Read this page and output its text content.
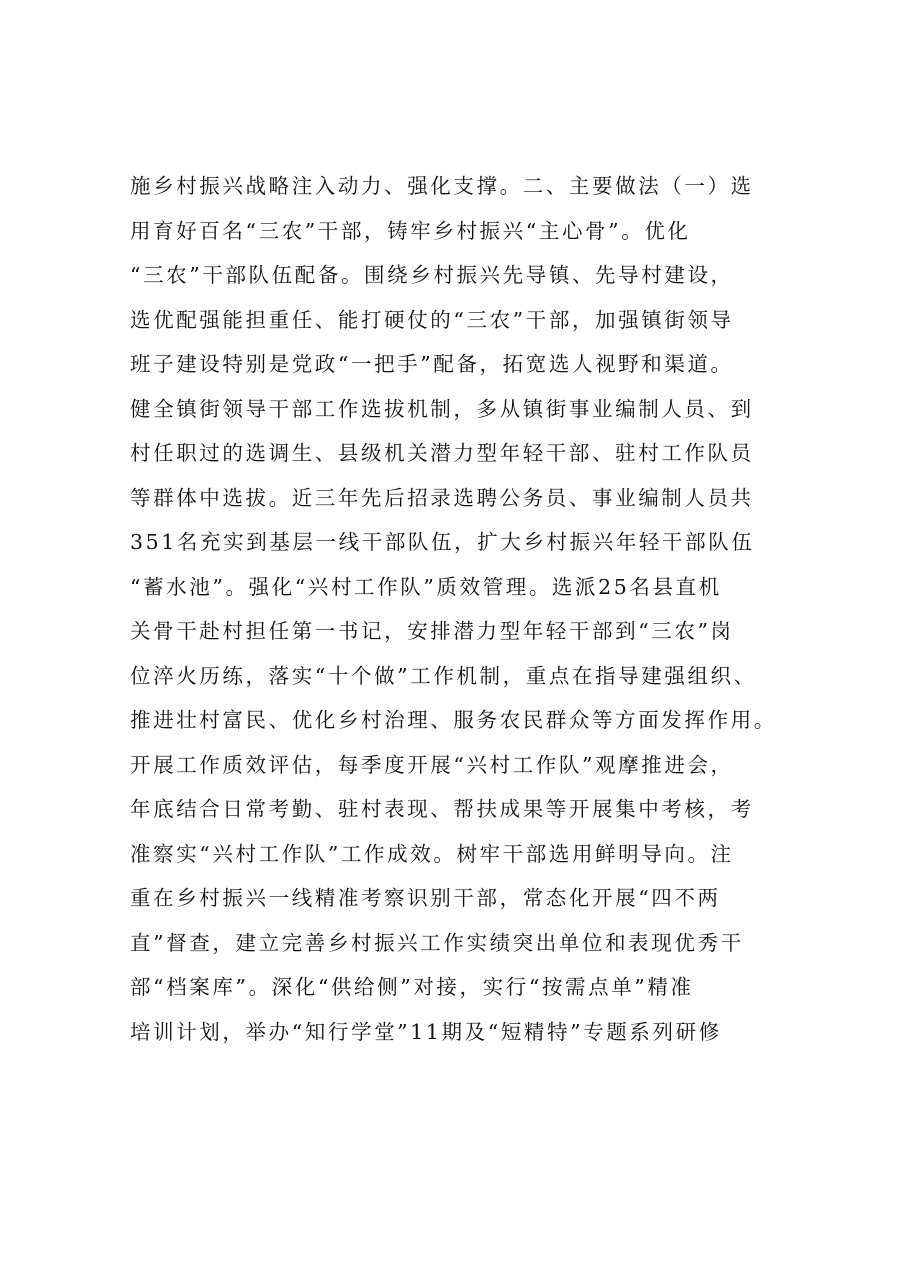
施乡村振兴战略注入动力、强化支撑。二、主要做法（一）选
用育好百名“三农”干部，铸牢乡村振兴“主心骨”。优化
“三农”干部队伍配备。围绕乡村振兴先导镇、先导村建设，
选优配强能担重任、能打硬仗的“三农”干部，加强镇街领导
班子建设特别是党政“一把手”配备，拓宽选人视野和渠道。
健全镇街领导干部工作选拔机制，多从镇街事业编制人员、到
村任职过的选调生、县级机关潜力型年轻干部、驻村工作队员
等群体中选拔。近三年先后招录选聘公务员、事业编制人员共
351名充实到基层一线干部队伍，扩大乡村振兴年轻干部队伍
“蓄水池”。强化“兴村工作队”质效管理。选派25名县直机
关骨干赴村担任第一书记，安排潜力型年轻干部到“三农”岗
位淬火历练，落实“十个做”工作机制，重点在指导建强组织、
推进壮村富民、优化乡村治理、服务农民群众等方面发挥作用。
开展工作质效评估，每季度开展“兴村工作队”观摩推进会，
年底结合日常考勤、驻村表现、帮扶成果等开展集中考核，考
准察实“兴村工作队”工作成效。树牢干部选用鲜明导向。注
重在乡村振兴一线精准考察识别干部，常态化开展“四不两
直”督查，建立完善乡村振兴工作实绩突出单位和表现优秀干
部“档案库”。深化“供给侧”对接，实行“按需点单”精准
培训计划，举办“知行学堂”11期及“短精特”专题系列研修
